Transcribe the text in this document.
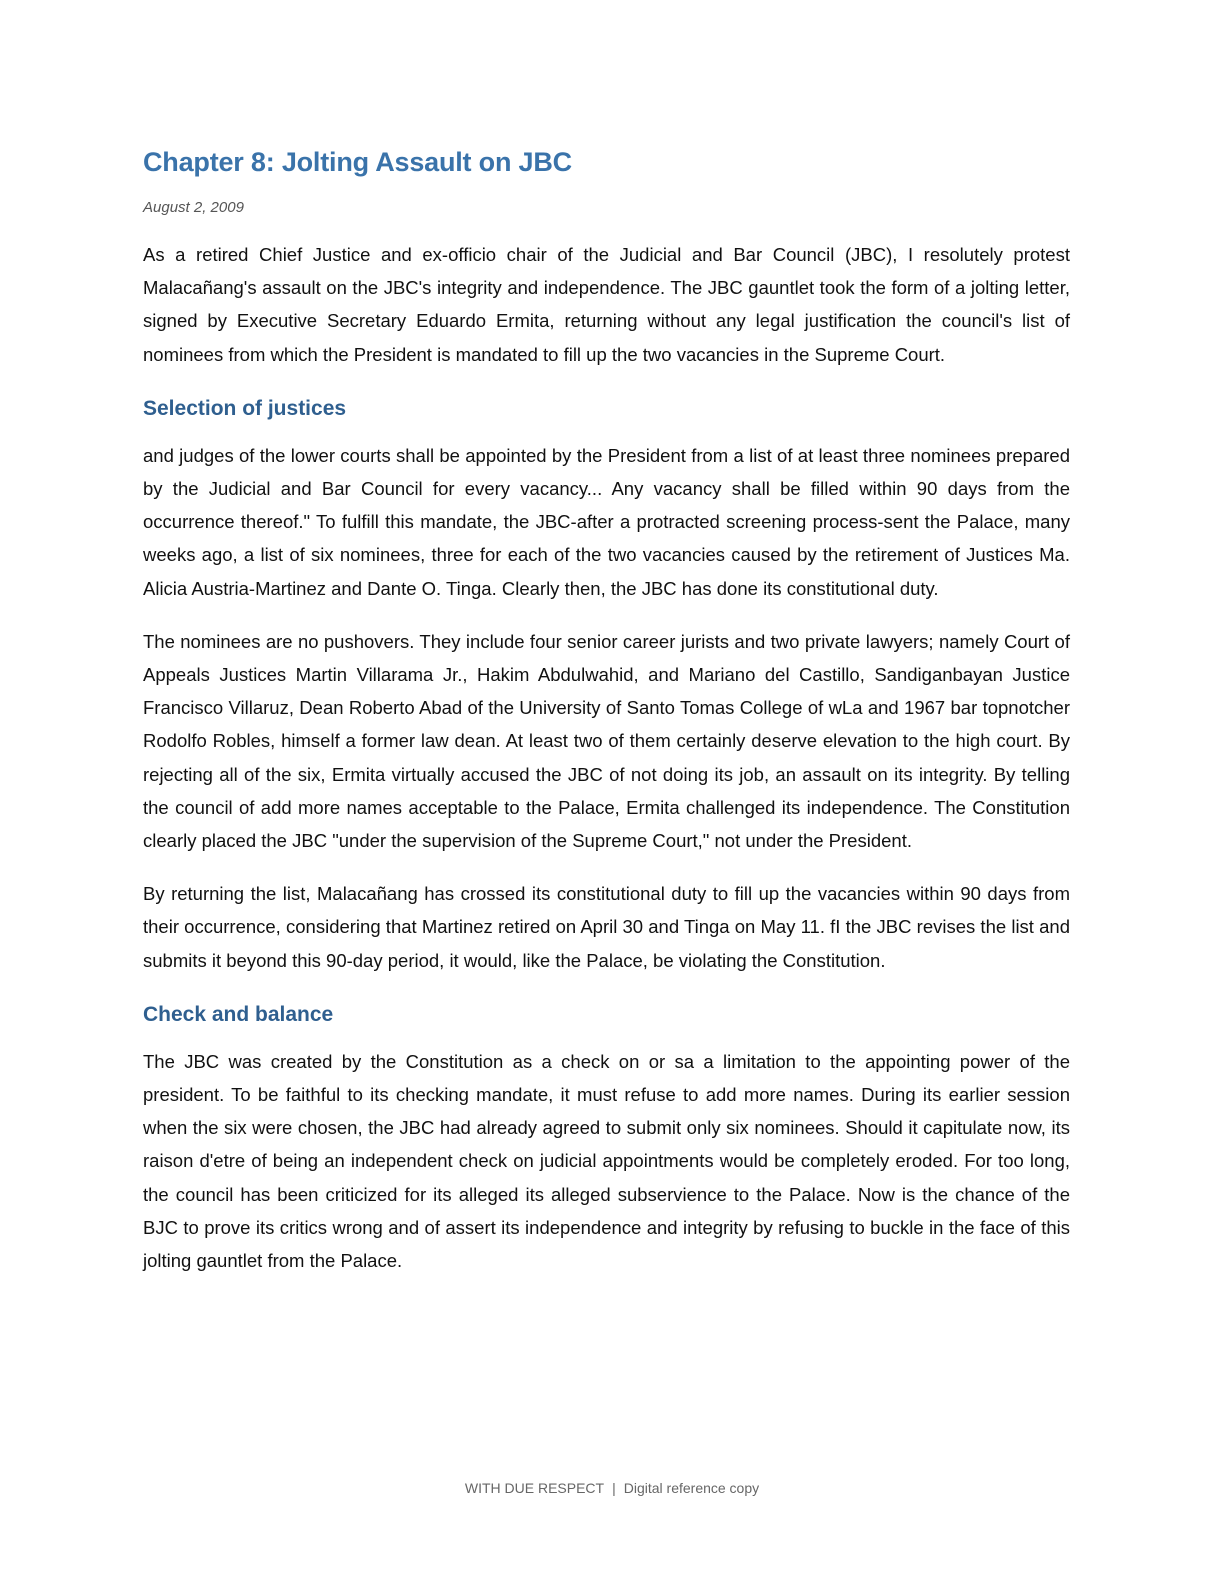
Chapter 8: Jolting Assault on JBC
August 2, 2009

As a retired Chief Justice and ex-officio chair of the Judicial and Bar Council (JBC), I resolutely protest Malacañang's assault on the JBC's integrity and independence. The JBC gauntlet took the form of a jolting letter, signed by Executive Secretary Eduardo Ermita, returning without any legal justification the council's list of nominees from which the President is mandated to fill up the two vacancies in the Supreme Court.

Selection of justices

and judges of the lower courts shall be appointed by the President from a list of at least three nominees prepared by the Judicial and Bar Council for every vacancy... Any vacancy shall be filled within 90 days from the occurrence thereof." To fulfill this mandate, the JBC-after a protracted screening process-sent the Palace, many weeks ago, a list of six nominees, three for each of the two vacancies caused by the retirement of Justices Ma. Alicia Austria-Martinez and Dante O. Tinga. Clearly then, the JBC has done its constitutional duty.

The nominees are no pushovers. They include four senior career jurists and two private lawyers; namely Court of Appeals Justices Martin Villarama Jr., Hakim Abdulwahid, and Mariano del Castillo, Sandiganbayan Justice Francisco Villaruz, Dean Roberto Abad of the University of Santo Tomas College of wLa and 1967 bar topnotcher Rodolfo Robles, himself a former law dean. At least two of them certainly deserve elevation to the high court. By rejecting all of the six, Ermita virtually accused the JBC of not doing its job, an assault on its integrity. By telling the council of add more names acceptable to the Palace, Ermita challenged its independence. The Constitution clearly placed the JBC "under the supervision of the Supreme Court," not under the President.

By returning the list, Malacañang has crossed its constitutional duty to fill up the vacancies within 90 days from their occurrence, considering that Martinez retired on April 30 and Tinga on May 11. fI the JBC revises the list and submits it beyond this 90-day period, it would, like the Palace, be violating the Constitution.

Check and balance

The JBC was created by the Constitution as a check on or sa a limitation to the appointing power of the president. To be faithful to its checking mandate, it must refuse to add more names. During its earlier session when the six were chosen, the JBC had already agreed to submit only six nominees. Should it capitulate now, its raison d'etre of being an independent check on judicial appointments would be completely eroded. For too long, the council has been criticized for its alleged its alleged subservience to the Palace. Now is the chance of the BJC to prove its critics wrong and of assert its independence and integrity by refusing to buckle in the face of this jolting gauntlet from the Palace.

WITH DUE RESPECT | Digital reference copy
